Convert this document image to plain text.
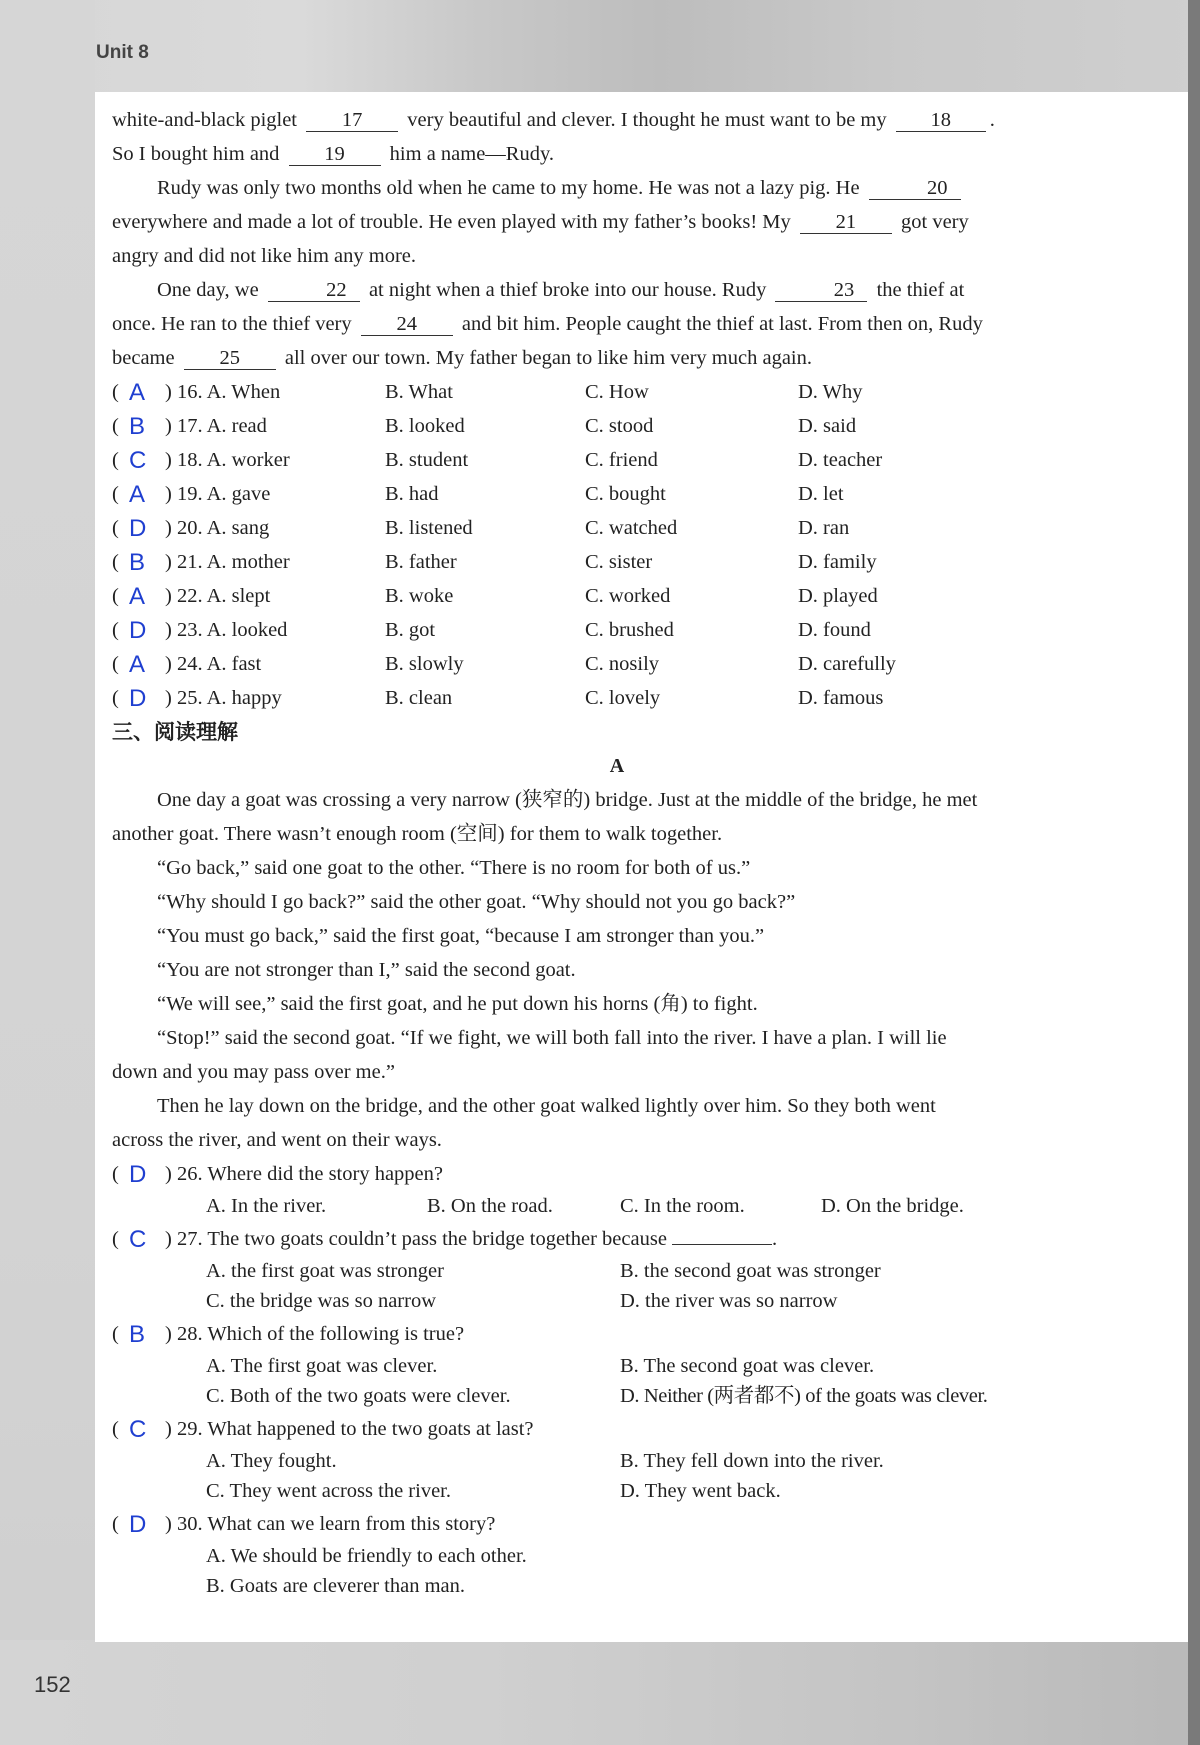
Unit 8
152
white-and-black piglet 17 very beautiful and clever. I thought he must want to be my 18 .
So I bought him and 19 him a name—Rudy.
Rudy was only two months old when he came to my home. He was not a lazy pig. He	20
everywhere and made a lot of trouble. He even played with my father’s books! My 21 got very
angry and did not like him any more.
One day, we	22 at night when a thief broke into our house. Rudy	23 the thief at
once. He ran to the thief very 24 and bit him. People caught the thief at last. From then on, Rudy
became 25 all over our town. My father began to like him very much again.
( A ) 16. A. When	B. What	C. How	D. Why
( B ) 17. A. read	B. looked	C. stood	D. said
( C ) 18. A. worker	B. student	C. friend	D. teacher
( A ) 19. A. gave	B. had	C. bought	D. let
( D ) 20. A. sang	B. listened	C. watched	D. ran
( B ) 21. A. mother	B. father	C. sister	D. family
( A ) 22. A. slept	B. woke	C. worked	D. played
( D ) 23. A. looked	B. got	C. brushed	D. found
( A ) 24. A. fast	B. slowly	C. nosily	D. carefully
( D ) 25. A. happy	B. clean	C. lovely	D. famous
三、阅读理解
A
One day a goat was crossing a very narrow (狭窄的) bridge. Just at the middle of the bridge, he met
another goat. There wasn’t enough room (空间) for them to walk together.
“Go back,” said one goat to the other. “There is no room for both of us.”
“Why should I go back?” said the other goat. “Why should not you go back?”
“You must go back,” said the first goat, “because I am stronger than you.”
“You are not stronger than I,” said the second goat.
“We will see,” said the first goat, and he put down his horns (角) to fight.
“Stop!” said the second goat. “If we fight, we will both fall into the river. I have a plan. I will lie
down and you may pass over me.”
Then he lay down on the bridge, and the other goat walked lightly over him. So they both went
across the river, and went on their ways.
( D ) 26. Where did the story happen?
A. In the river.	B. On the road.	C. In the room.	D. On the bridge.
( C ) 27. The two goats couldn’t pass the bridge together because	.
A. the first goat was stronger	B. the second goat was stronger
C. the bridge was so narrow	D. the river was so narrow
( B ) 28. Which of the following is true?
A. The first goat was clever.	B. The second goat was clever.
C. Both of the two goats were clever.	D. Neither (两者都不) of the goats was clever.
( C ) 29. What happened to the two goats at last?
A. They fought.	B. They fell down into the river.
C. They went across the river.	D. They went back.
( D ) 30. What can we learn from this story?
A. We should be friendly to each other.
B. Goats are cleverer than man.
